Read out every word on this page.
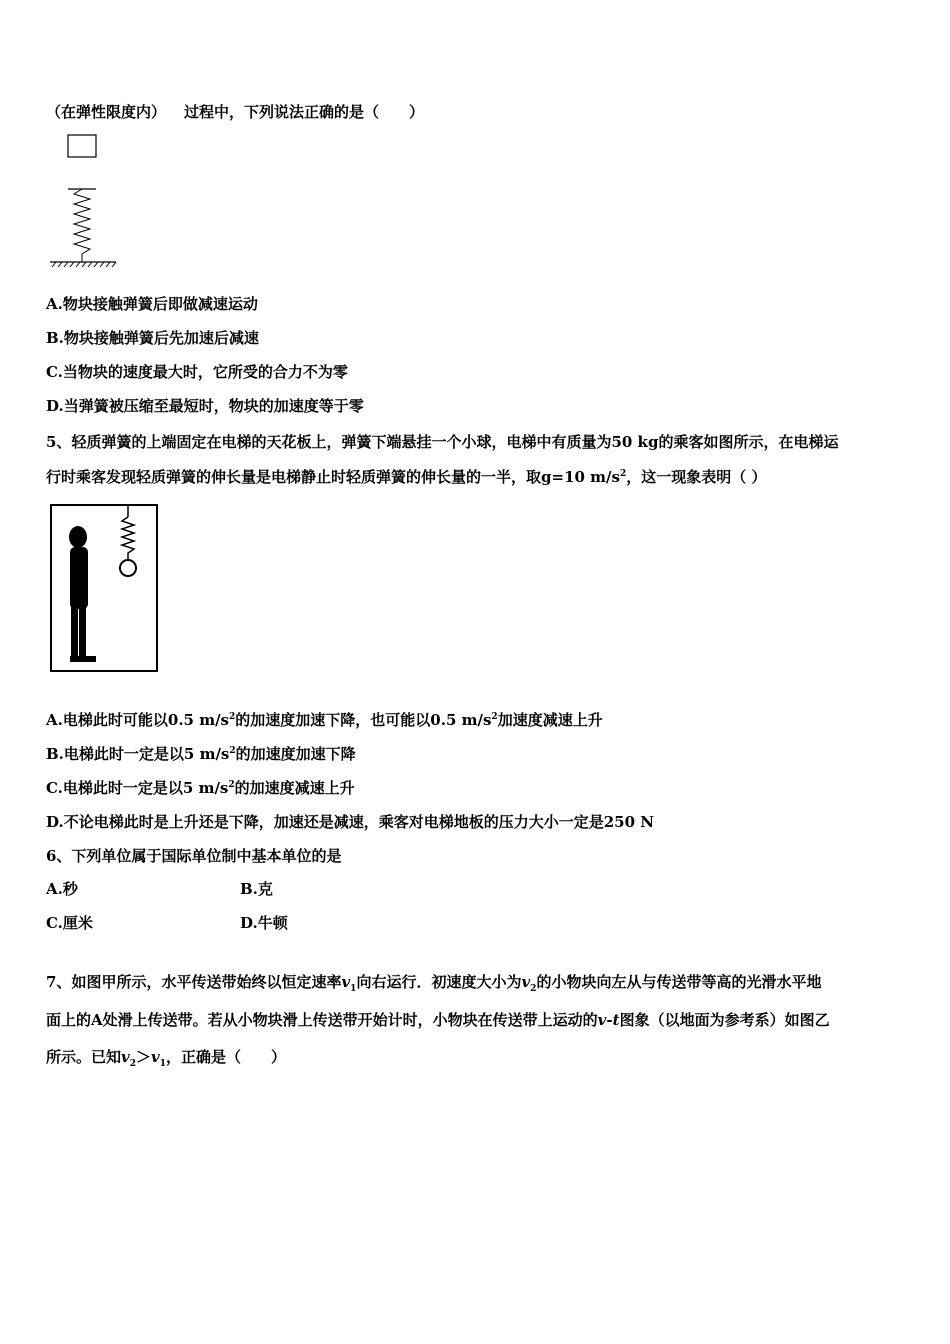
（在弹性限度内） 过程中，下列说法正确的是（　　）
A.物块接触弹簧后即做减速运动
B.物块接触弹簧后先加速后减速
C.当物块的速度最大时，它所受的合力不为零
D.当弹簧被压缩至最短时，物块的加速度等于零
5、轻质弹簧的上端固定在电梯的天花板上，弹簧下端悬挂一个小球，电梯中有质量为50 kg的乘客如图所示，在电梯运
行时乘客发现轻质弹簧的伸长量是电梯静止时轻质弹簧的伸长量的一半，取g=10 $m/s^2$，这一现象表明（ ）
A.电梯此时可能以0.5 $m/s^2$的加速度加速下降，也可能以0.5 $m/s^2$加速度减速上升
B.电梯此时一定是以5 $m/s^2$的加速度加速下降
C.电梯此时一定是以5 $m/s^2$的加速度减速上升
D.不论电梯此时是上升还是下降，加速还是减速，乘客对电梯地板的压力大小一定是250 N
6、下列单位属于国际单位制中基本单位的是
A.秒	B.克
C.厘米	D.牛顿
7、如图甲所示，水平传送带始终以恒定速率$v_1$向右运行．初速度大小为$v_2$的小物块向左从与传送带等高的光滑水平地
面上的A处滑上传送带。若从小物块滑上传送带开始计时，小物块在传送带上运动的v-t图象（以地面为参考系）如图乙
所示。已知$v_2>v_1$，正确是（　　）
